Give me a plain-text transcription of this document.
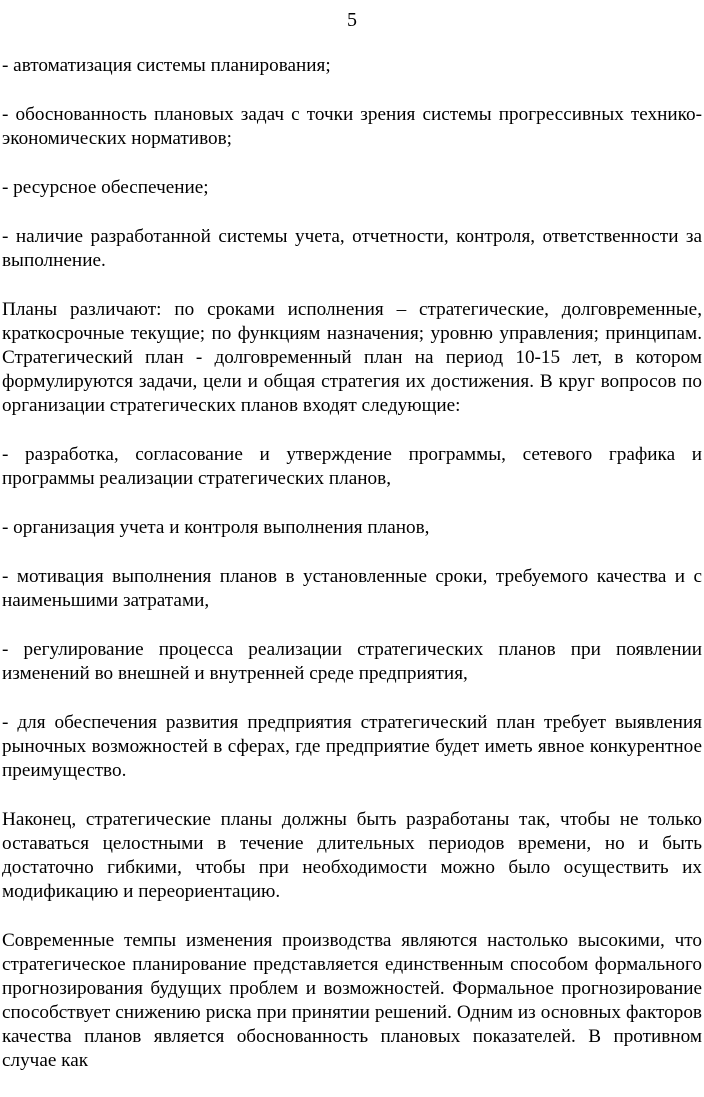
5

- автоматизация системы планирования;

- обоснованность плановых задач с точки зрения системы прогрессивных технико-экономических нормативов;

- ресурсное обеспечение;

- наличие разработанной системы учета, отчетности, контроля, ответственности за выполнение.

Планы различают: по сроками исполнения – стратегические, долговременные, краткосрочные текущие; по функциям назначения; уровню управления; принципам. Стратегический план - долговременный план на период 10-15 лет, в котором формулируются задачи, цели и общая стратегия их достижения. В круг вопросов по организации стратегических планов входят следующие:

- разработка, согласование и утверждение программы, сетевого графика и программы реализации стратегических планов,

- организация учета и контроля выполнения планов,

- мотивация выполнения планов в установленные сроки, требуемого качества и с наименьшими затратами,

- регулирование процесса реализации стратегических планов при появлении изменений во внешней и внутренней среде предприятия,

- для обеспечения развития предприятия стратегический план требует выявления рыночных возможностей в сферах, где предприятие будет иметь явное конкурентное преимущество.

Наконец, стратегические планы должны быть разработаны так, чтобы не только оставаться целостными в течение длительных периодов времени, но и быть достаточно гибкими, чтобы при необходимости можно было осуществить их модификацию и переориентацию.

Современные темпы изменения производства являются настолько высокими, что стратегическое планирование представляется единственным способом формального прогнозирования будущих проблем и возможностей. Формальное прогнозирование способствует снижению риска при принятии решений. Одним из основных факторов качества планов является обоснованность плановых показателей. В противном случае как
